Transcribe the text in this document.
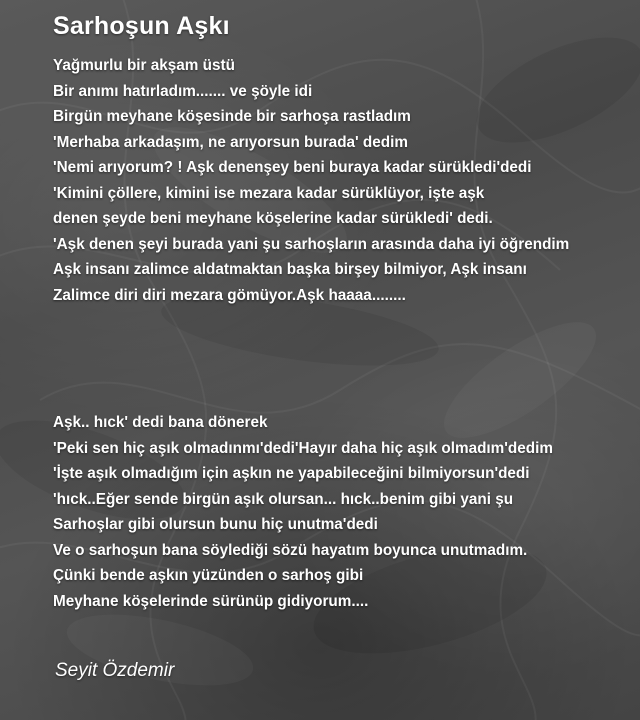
Sarhoşun Aşkı
Yağmurlu bir akşam üstü
Bir anımı hatırladım....... ve şöyle idi
Birgün meyhane köşesinde bir sarhoşa rastladım
'Merhaba arkadaşım, ne arıyorsun burada' dedim
'Nemi arıyorum? ! Aşk denenşey beni buraya kadar sürükledi'dedi
'Kimini çöllere, kimini ise mezara kadar sürüklüyor, işte aşk
denen şeyde beni meyhane köşelerine kadar sürükledi' dedi.
'Aşk denen şeyi burada yani şu sarhoşların arasında daha iyi öğrendim
Aşk insanı zalimce aldatmaktan başka birşey bilmiyor, Aşk insanı
Zalimce diri diri mezara gömüyor.Aşk haaaa........
Aşk.. hıck' dedi bana dönerek
'Peki sen hiç aşık olmadınmı'dedi'Hayır daha hiç aşık olmadım'dedim
'İşte aşık olmadığım için aşkın ne yapabileceğini bilmiyorsun'dedi
'hıck..Eğer sende birgün aşık olursan... hıck..benim gibi yani şu
Sarhoşlar gibi olursun bunu hiç unutma'dedi
Ve o sarhoşun bana söylediği sözü hayatım boyunca unutmadım.
Çünki bende aşkın yüzünden o sarhoş gibi
Meyhane köşelerinde sürünüp gidiyorum....
Seyit Özdemir
